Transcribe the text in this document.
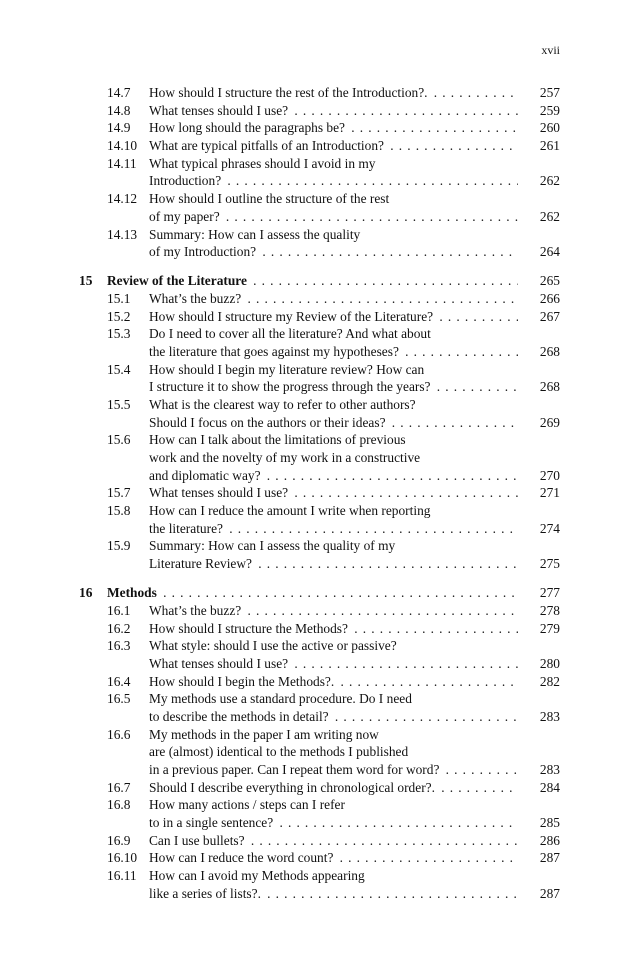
xvii
14.7 How should I structure the rest of the Introduction?. . . .	257
14.8 What tenses should I use? . . .	259
14.9 How long should the paragraphs be? . . .	260
14.10 What are typical pitfalls of an Introduction? . . .	261
14.11 What typical phrases should I avoid in my
Introduction? . . .	262
14.12 How should I outline the structure of the rest
of my paper? . . .	262
14.13 Summary: How can I assess the quality
of my Introduction? . . .	264
15 Review of the Literature . . .	265
15.1 What’s the buzz? . . .	266
15.2 How should I structure my Review of the Literature? . . .	267
15.3 Do I need to cover all the literature? And what about
the literature that goes against my hypotheses? . . .	268
15.4 How should I begin my literature review? How can
I structure it to show the progress through the years? . . .	268
15.5 What is the clearest way to refer to other authors?
Should I focus on the authors or their ideas? . . .	269
15.6 How can I talk about the limitations of previous
work and the novelty of my work in a constructive
and diplomatic way? . . .	270
15.7 What tenses should I use? . . .	271
15.8 How can I reduce the amount I write when reporting
the literature? . . .	274
15.9 Summary: How can I assess the quality of my
Literature Review? . . .	275
16 Methods . . .	277
16.1 What’s the buzz? . . .	278
16.2 How should I structure the Methods? . . .	279
16.3 What style: should I use the active or passive?
What tenses should I use? . . .	280
16.4 How should I begin the Methods?. . . .	282
16.5 My methods use a standard procedure. Do I need
to describe the methods in detail? . . .	283
16.6 My methods in the paper I am writing now
are (almost) identical to the methods I published
in a previous paper. Can I repeat them word for word? . . .	283
16.7 Should I describe everything in chronological order?. . . .	284
16.8 How many actions / steps can I refer
to in a single sentence? . . .	285
16.9 Can I use bullets? . . .	286
16.10 How can I reduce the word count? . . .	287
16.11 How can I avoid my Methods appearing
like a series of lists?. . . .	287
